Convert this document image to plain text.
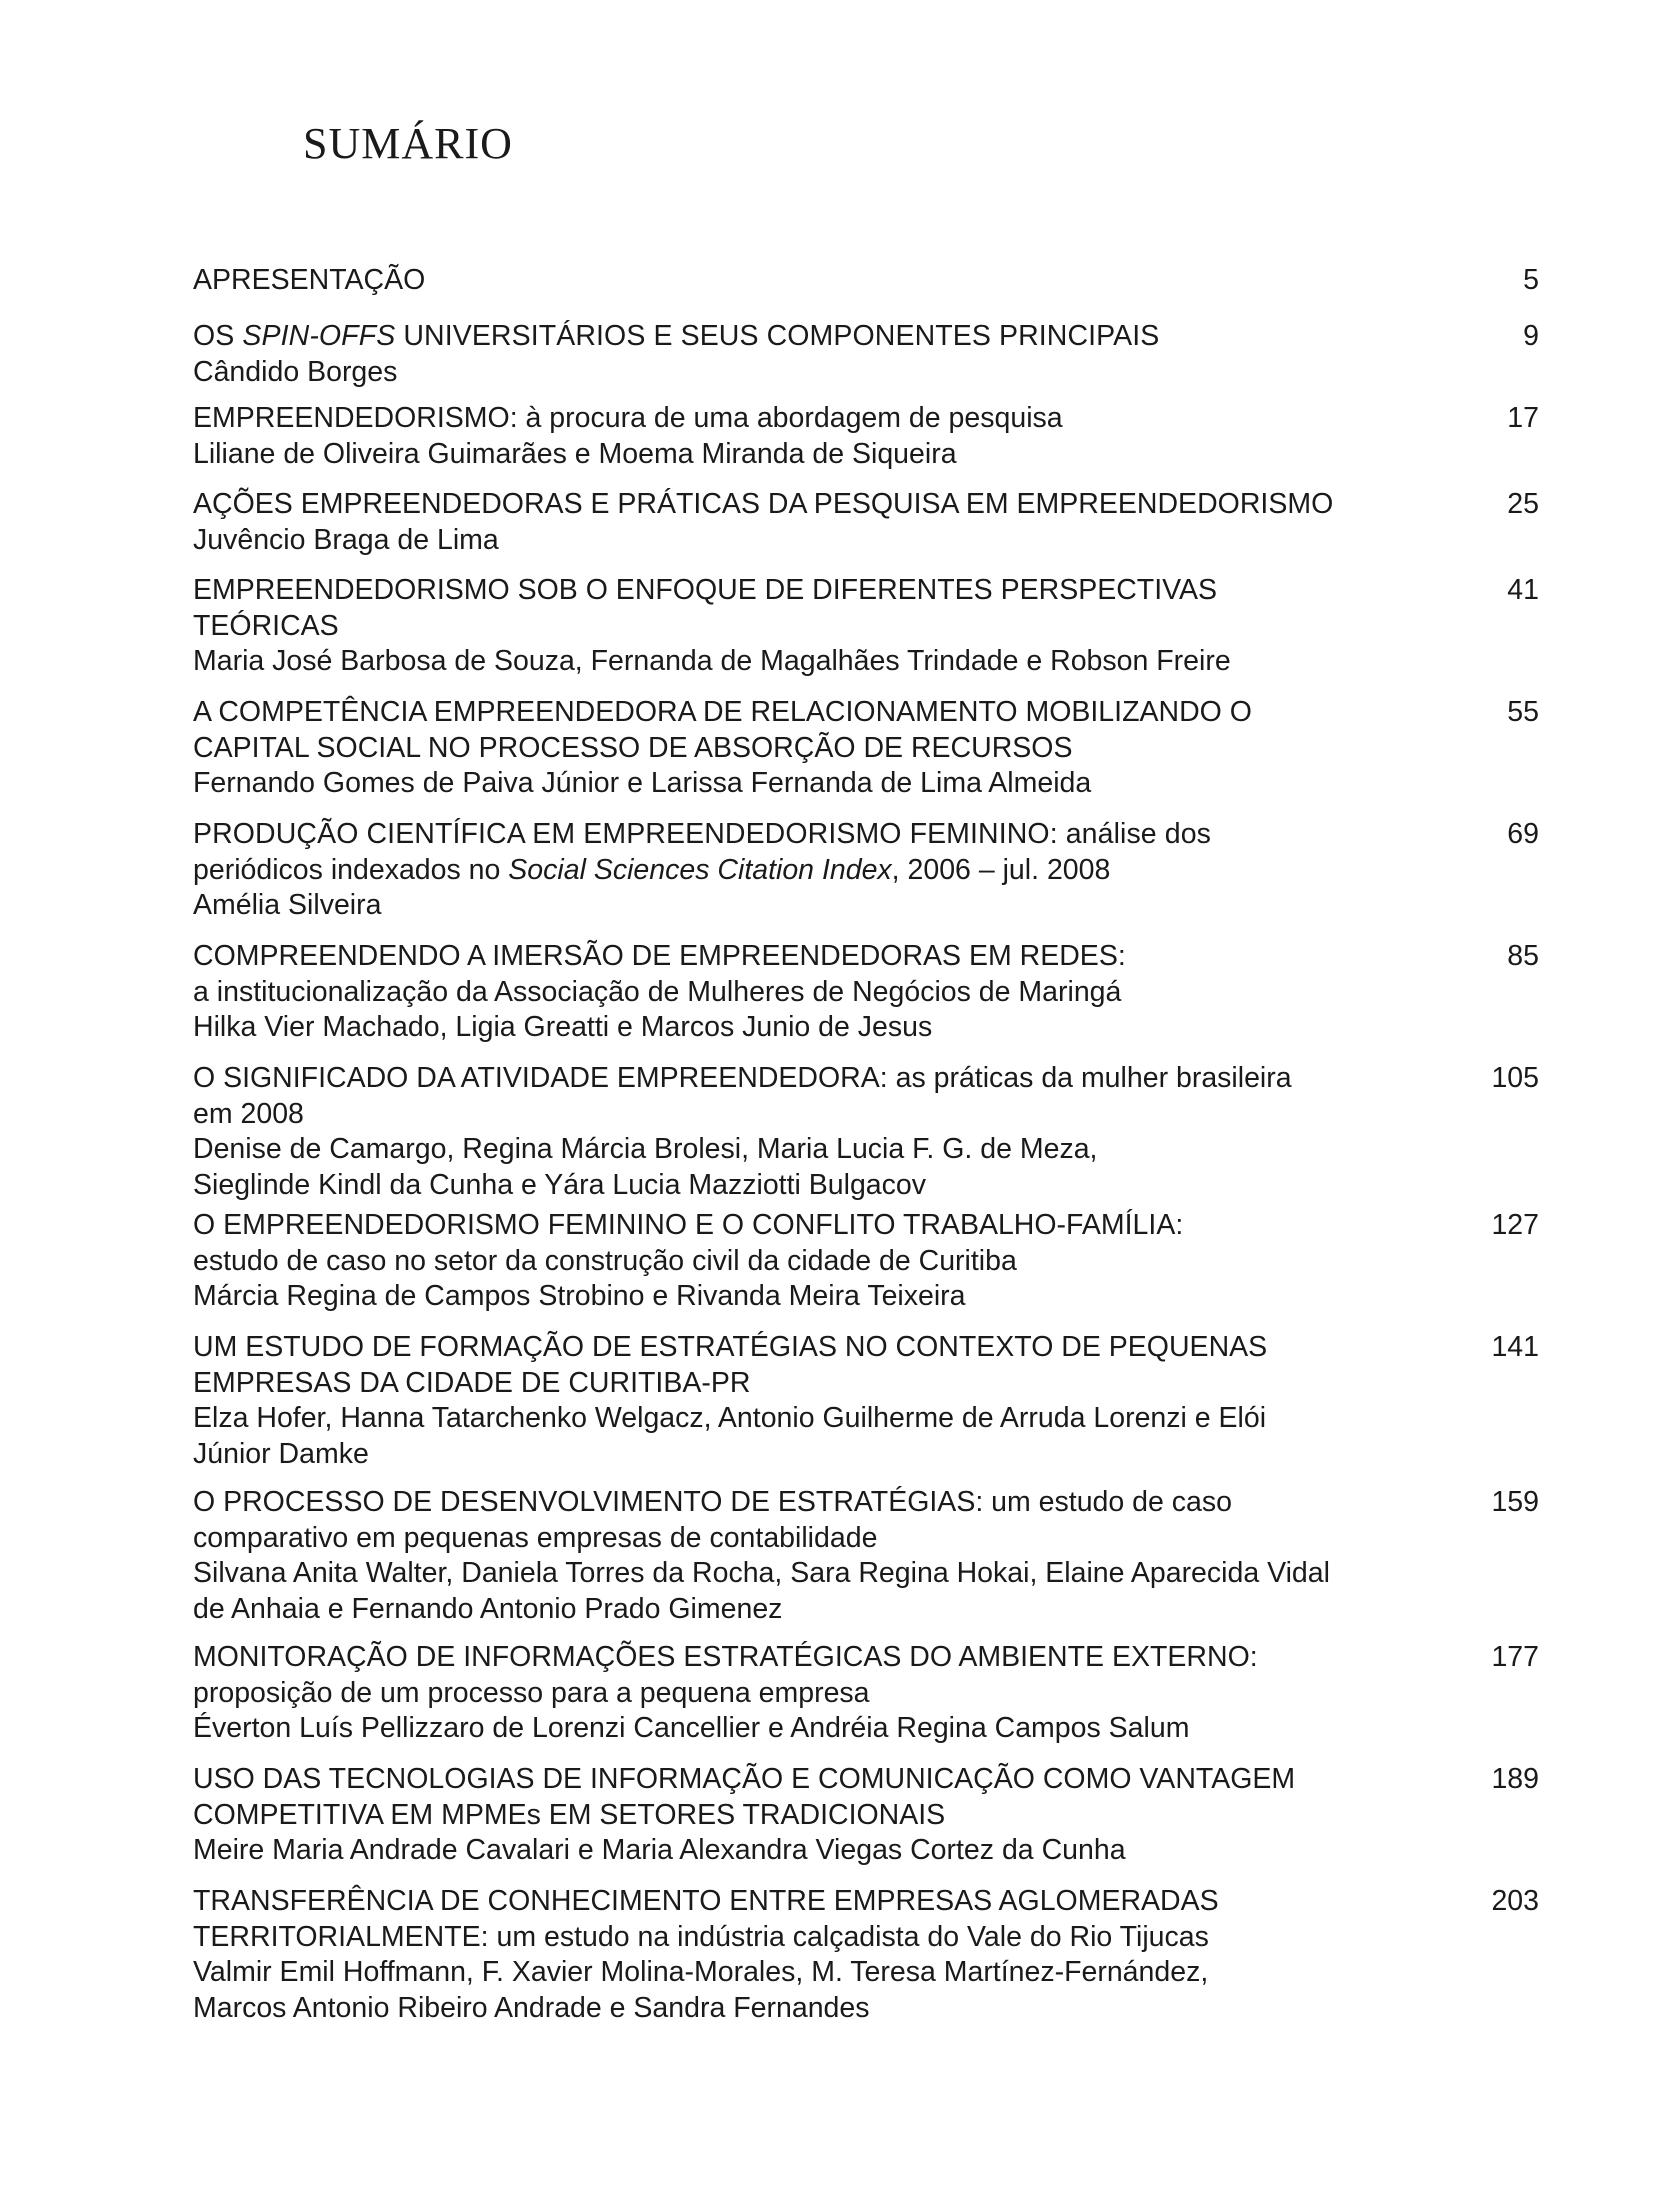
SUMÁRIO
5
APRESENTAÇÃO
9
OS SPIN-OFFS UNIVERSITÁRIOS E SEUS COMPONENTES PRINCIPAIS
Cândido Borges
17
EMPREENDEDORISMO: à procura de uma abordagem de pesquisa
Liliane de Oliveira Guimarães e Moema Miranda de Siqueira
25
AÇÕES EMPREENDEDORAS E PRÁTICAS DA PESQUISA EM EMPREENDEDORISMO
Juvêncio Braga de Lima
41
EMPREENDEDORISMO SOB O ENFOQUE DE DIFERENTES PERSPECTIVAS
TEÓRICAS
Maria José Barbosa de Souza, Fernanda de Magalhães Trindade e Robson Freire
55
A COMPETÊNCIA EMPREENDEDORA DE RELACIONAMENTO MOBILIZANDO O
CAPITAL SOCIAL NO PROCESSO DE ABSORÇÃO DE RECURSOS
Fernando Gomes de Paiva Júnior e Larissa Fernanda de Lima Almeida
69
PRODUÇÃO CIENTÍFICA EM EMPREENDEDORISMO FEMININO: análise dos
periódicos indexados no Social Sciences Citation Index, 2006 – jul. 2008
Amélia Silveira
85
COMPREENDENDO A IMERSÃO DE EMPREENDEDORAS EM REDES:
a institucionalização da Associação de Mulheres de Negócios de Maringá
Hilka Vier Machado, Ligia Greatti e Marcos Junio de Jesus
105
O SIGNIFICADO DA ATIVIDADE EMPREENDEDORA: as práticas da mulher brasileira
em 2008
Denise de Camargo, Regina Márcia Brolesi, Maria Lucia F. G. de Meza,
Sieglinde Kindl da Cunha e Yára Lucia Mazziotti Bulgacov
127
O EMPREENDEDORISMO FEMININO E O CONFLITO TRABALHO-FAMÍLIA:
estudo de caso no setor da construção civil da cidade de Curitiba
Márcia Regina de Campos Strobino e Rivanda Meira Teixeira
141
UM ESTUDO DE FORMAÇÃO DE ESTRATÉGIAS NO CONTEXTO DE PEQUENAS
EMPRESAS DA CIDADE DE CURITIBA-PR
Elza Hofer, Hanna Tatarchenko Welgacz, Antonio Guilherme de Arruda Lorenzi e Elói
Júnior Damke
159
O PROCESSO DE DESENVOLVIMENTO DE ESTRATÉGIAS: um estudo de caso
comparativo em pequenas empresas de contabilidade
Silvana Anita Walter, Daniela Torres da Rocha, Sara Regina Hokai, Elaine Aparecida Vidal
de Anhaia e Fernando Antonio Prado Gimenez
177
MONITORAÇÃO DE INFORMAÇÕES ESTRATÉGICAS DO AMBIENTE EXTERNO:
proposição de um processo para a pequena empresa
Éverton Luís Pellizzaro de Lorenzi Cancellier e Andréia Regina Campos Salum
189
USO DAS TECNOLOGIAS DE INFORMAÇÃO E COMUNICAÇÃO COMO VANTAGEM
COMPETITIVA EM MPMEs EM SETORES TRADICIONAIS
Meire Maria Andrade Cavalari e Maria Alexandra Viegas Cortez da Cunha
203
TRANSFERÊNCIA DE CONHECIMENTO ENTRE EMPRESAS AGLOMERADAS
TERRITORIALMENTE: um estudo na indústria calçadista do Vale do Rio Tijucas
Valmir Emil Hoffmann, F. Xavier Molina-Morales, M. Teresa Martínez-Fernández,
Marcos Antonio Ribeiro Andrade e Sandra Fernandes
